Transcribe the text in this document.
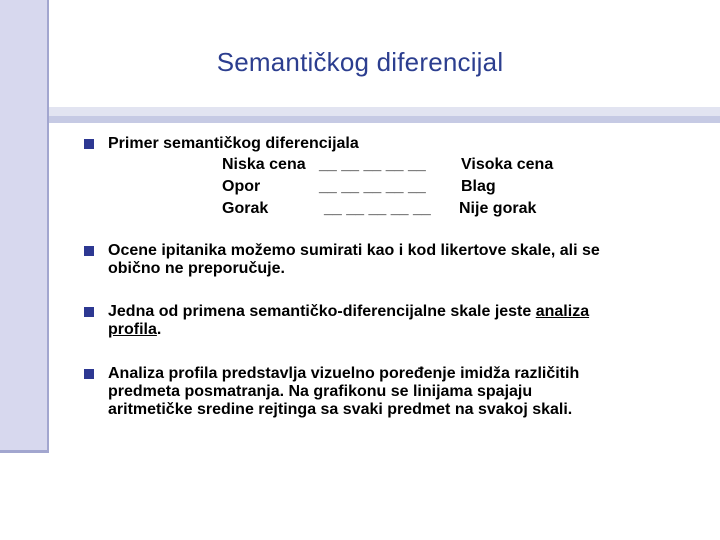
Semantičkog diferencijal
Primer semantičkog diferencijala
Niska cena __ __ __ __ __ Visoka cena
Opor	__ __ __ __ __ Blag
Gorak	__ __ __ __ __ Nije gorak
Ocene ipitanika možemo sumirati kao i kod likertove skale, ali se
obično ne preporučuje.
Jedna od primena semantičko-diferencijalne skale jeste analiza
profila.
Analiza profila predstavlja vizuelno poređenje imidža različitih
predmeta posmatranja. Na grafikonu se linijama spajaju
aritmetičke sredine rejtinga sa svaki predmet na svakoj skali.
